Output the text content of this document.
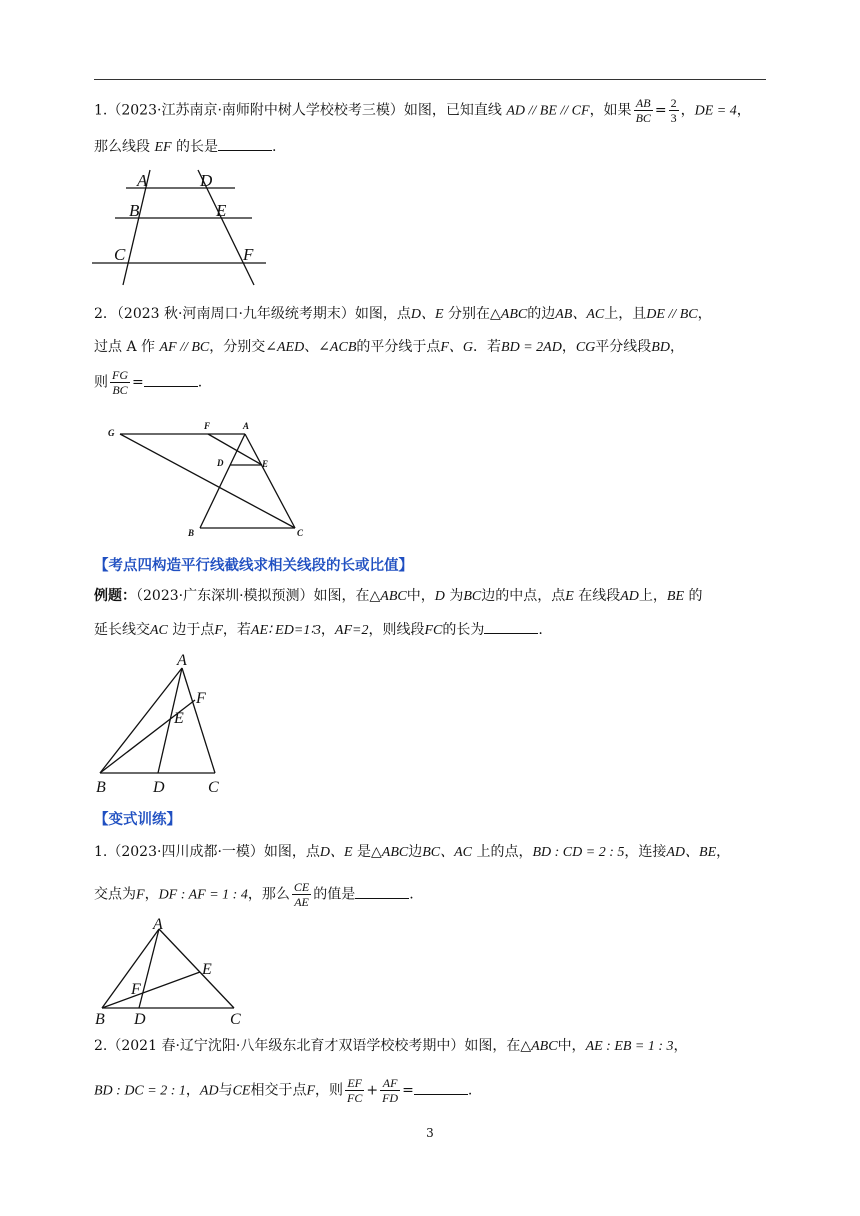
1.（2023·江苏南京·南师附中树人学校校考三模）如图，已知直线 AD // BE // CF，如果 $\frac{AB}{BC} = \frac{2}{3}$ ，DE = 4，
那么线段 EF 的长是	.
A	D
B	E
C	F
2．（2023 秋·河南周口·九年级统考期末）如图，点D、E 分别在△ABC的边AB、AC上，且DE // BC，
过点 A 作 AF // BC，分别交∠AED、∠ACB的平分线于点F、G．若BD = 2AD，CG平分线段BD，
则 $\frac{FG}{BC}$ =	.
G
F	A
D	E
B	C
【考点四构造平行线截线求相关线段的长或比值】
例题：（2023·广东深圳·模拟预测）如图，在△ABC中，D 为BC边的中点，点E 在线段AD上，BE 的
延长线交AC 边于点F，若AE∶ ED=1∶3，AF=2，则线段FC的长为	.
A
F
E
B	D	C
【变式训练】
1.（2023·四川成都·一模）如图，点D、E 是△ABC边BC、AC 上的点，BD : CD = 2 : 5，连接AD、BE，
交点为F，DF : AF = 1 : 4，那么 $\frac{CE}{AE}$ 的值是	.
A
E
F
B D	C
2.（2021 春·辽宁沈阳·八年级东北育才双语学校校考期中）如图，在△ABC中，AE : EB = 1 : 3，
BD : DC = 2 : 1，AD与CE相交于点F，则 $\frac{EF}{FC} + \frac{AF}{FD}$ =	.
3
